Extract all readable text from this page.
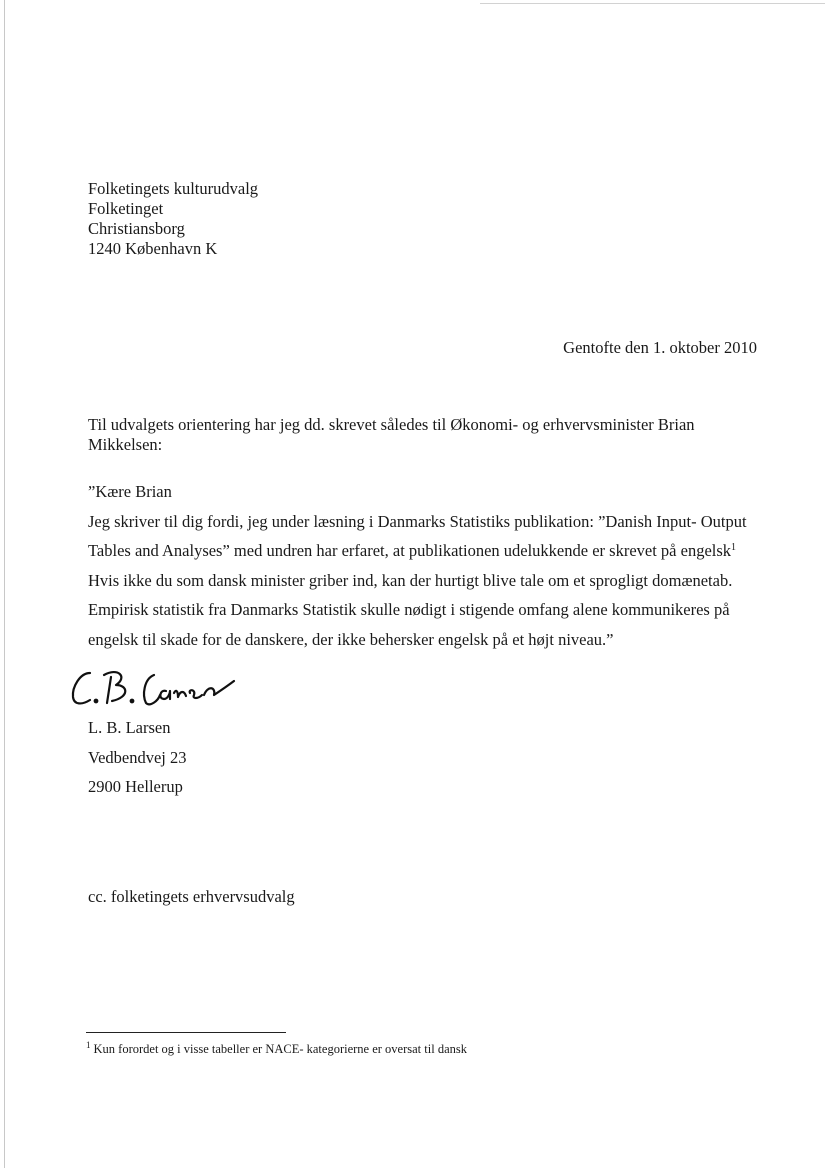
Folketingets kulturudvalg
Folketinget
Christiansborg
1240 København K
Gentofte den 1. oktober 2010
Til udvalgets orientering har jeg dd. skrevet således til Økonomi- og erhvervsminister Brian
Mikkelsen:
”Kære Brian
Jeg skriver til dig fordi, jeg under læsning i Danmarks Statistiks publikation: ”Danish Input- Output
Tables and Analyses” med undren har erfaret, at publikationen udelukkende er skrevet på engelsk$^1$
Hvis ikke du som dansk minister griber ind, kan der hurtigt blive tale om et sprogligt domænetab.
Empirisk statistik fra Danmarks Statistik skulle nødigt i stigende omfang alene kommunikeres på
engelsk til skade for de danskere, der ikke behersker engelsk på et højt niveau.”
L. B. Larsen
Vedbendvej 23
2900 Hellerup
cc. folketingets erhvervsudvalg
$^1$ Kun forordet og i visse tabeller er NACE- kategorierne er oversat til dansk
